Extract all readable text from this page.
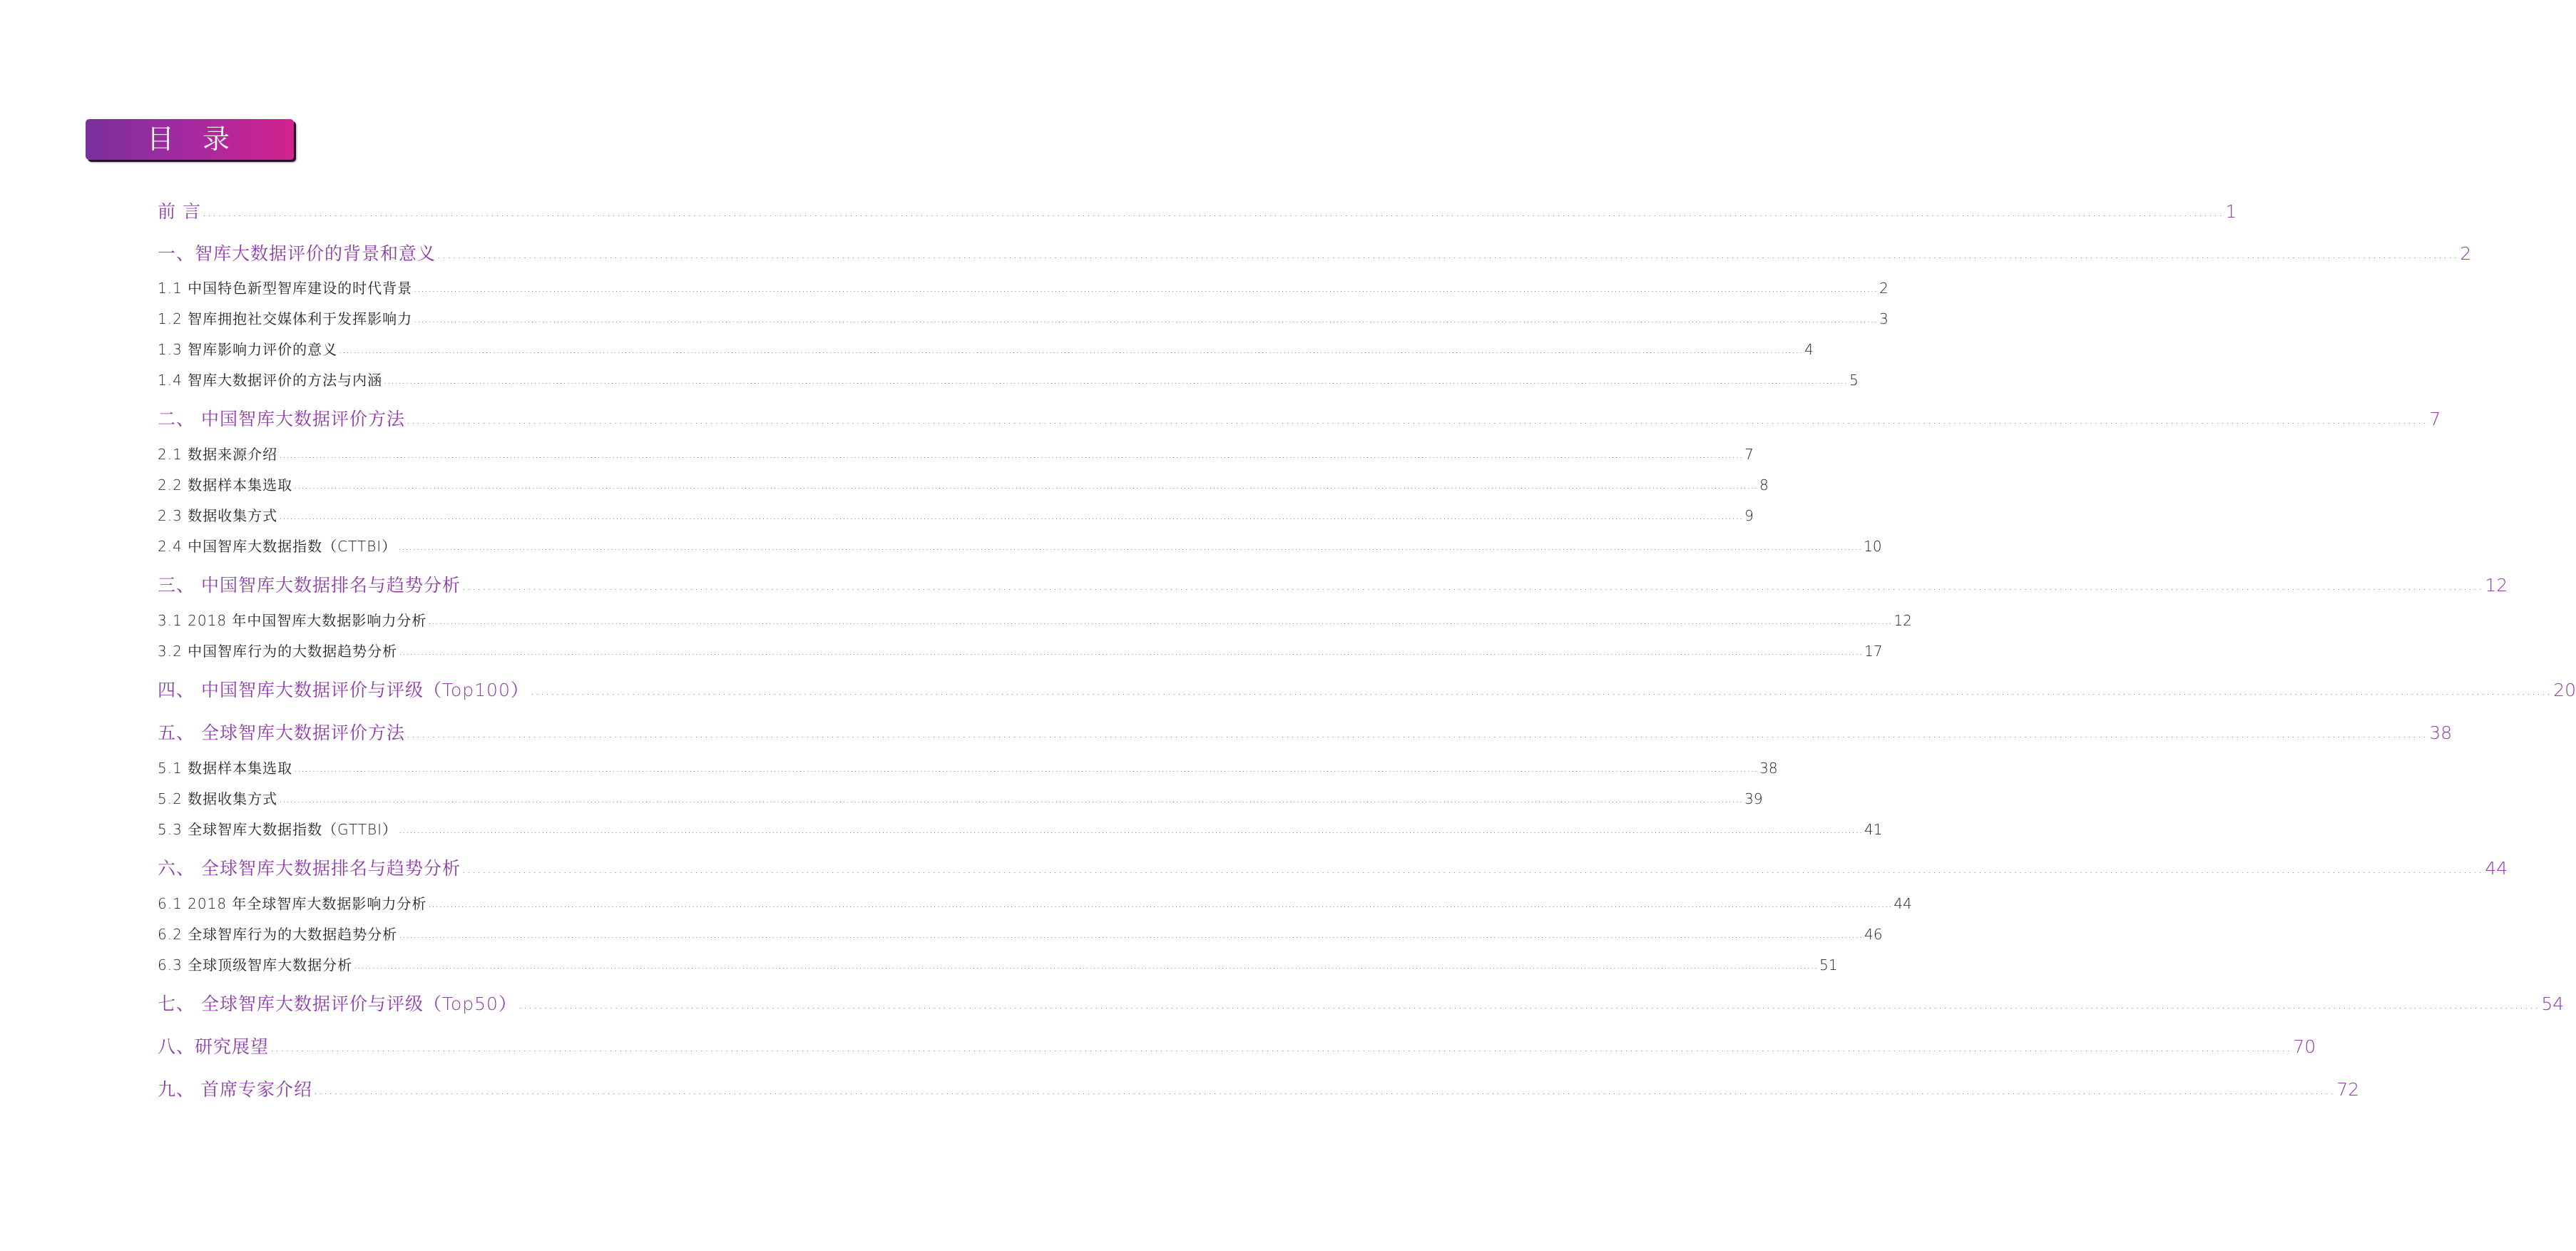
目录
前 言 ................................................................................................................................................................................................................................................................................................................................................................................................................ 1
一、智库大数据评价的背景和意义 ................................................................................................................................................................................................................................................................................................................................................................................................................ 2
1.1 中国特色新型智库建设的时代背景 ................................................................................................................................................................................................................................................................................................................................................................................................................ 2
1.2 智库拥抱社交媒体利于发挥影响力 ................................................................................................................................................................................................................................................................................................................................................................................................................ 3
1.3 智库影响力评价的意义 ................................................................................................................................................................................................................................................................................................................................................................................................................ 4
1.4 智库大数据评价的方法与内涵 ................................................................................................................................................................................................................................................................................................................................................................................................................ 5
二、 中国智库大数据评价方法 ................................................................................................................................................................................................................................................................................................................................................................................................................ 7
2.1 数据来源介绍 ................................................................................................................................................................................................................................................................................................................................................................................................................ 7
2.2 数据样本集选取 ................................................................................................................................................................................................................................................................................................................................................................................................................ 8
2.3 数据收集方式 ................................................................................................................................................................................................................................................................................................................................................................................................................ 9
2.4 中国智库大数据指数（CTTBI） ................................................................................................................................................................................................................................................................................................................................................................................................................ 10
三、 中国智库大数据排名与趋势分析 ................................................................................................................................................................................................................................................................................................................................................................................................................ 12
3.1 2018 年中国智库大数据影响力分析 ................................................................................................................................................................................................................................................................................................................................................................................................................ 12
3.2 中国智库行为的大数据趋势分析 ................................................................................................................................................................................................................................................................................................................................................................................................................ 17
四、 中国智库大数据评价与评级（Top100） ................................................................................................................................................................................................................................................................................................................................................................................................................ 20
五、 全球智库大数据评价方法 ................................................................................................................................................................................................................................................................................................................................................................................................................ 38
5.1 数据样本集选取 ................................................................................................................................................................................................................................................................................................................................................................................................................ 38
5.2 数据收集方式 ................................................................................................................................................................................................................................................................................................................................................................................................................ 39
5.3 全球智库大数据指数（GTTBI） ................................................................................................................................................................................................................................................................................................................................................................................................................ 41
六、 全球智库大数据排名与趋势分析 ................................................................................................................................................................................................................................................................................................................................................................................................................ 44
6.1 2018 年全球智库大数据影响力分析 ................................................................................................................................................................................................................................................................................................................................................................................................................ 44
6.2 全球智库行为的大数据趋势分析 ................................................................................................................................................................................................................................................................................................................................................................................................................ 46
6.3 全球顶级智库大数据分析 ................................................................................................................................................................................................................................................................................................................................................................................................................ 51
七、 全球智库大数据评价与评级（Top50） ................................................................................................................................................................................................................................................................................................................................................................................................................ 54
八、研究展望 ................................................................................................................................................................................................................................................................................................................................................................................................................ 70
九、 首席专家介绍 ................................................................................................................................................................................................................................................................................................................................................................................................................ 72
